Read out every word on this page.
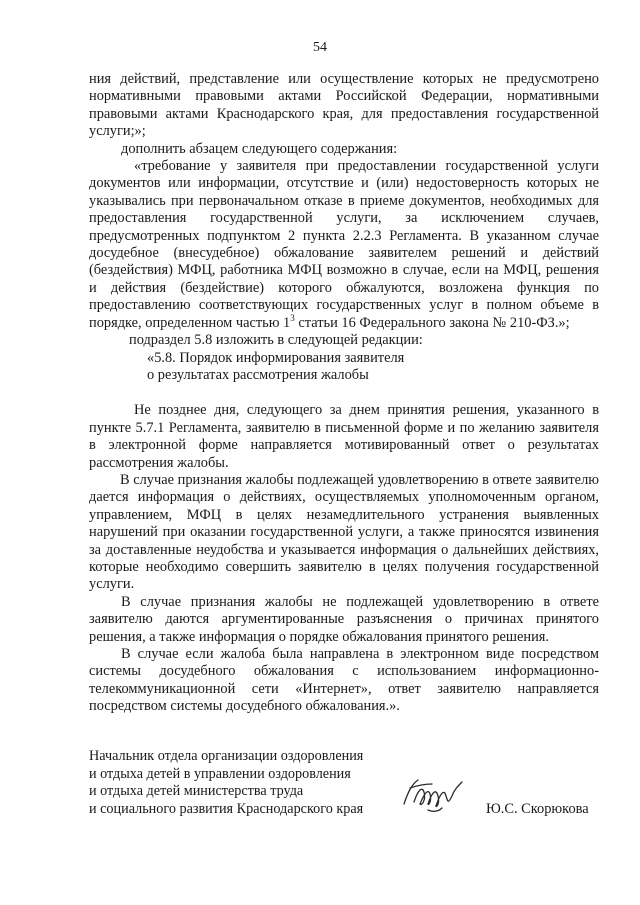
54

ния действий, представление или осуществление которых не предусмотрено нормативными правовыми актами Российской Федерации, нормативными правовыми актами Краснодарского края, для предоставления государственной услуги;»;

дополнить абзацем следующего содержания:

«требование у заявителя при предоставлении государственной услуги документов или информации, отсутствие и (или) недостоверность которых не указывались при первоначальном отказе в приеме документов, необходимых для предоставления государственной услуги, за исключением случаев, предусмотренных подпунктом 2 пункта 2.2.3 Регламента. В указанном случае досудебное (внесудебное) обжалование заявителем решений и действий (бездействия) МФЦ, работника МФЦ возможно в случае, если на МФЦ, решения и действия (бездействие) которого обжалуются, возложена функция по предоставлению соответствующих государственных услуг в полном объеме в порядке, определенном частью $1^3$ статьи 16 Федерального закона № 210-ФЗ.»;

подраздел 5.8 изложить в следующей редакции:

«5.8. Порядок информирования заявителя

о результатах рассмотрения жалобы

Не позднее дня, следующего за днем принятия решения, указанного в пункте 5.7.1 Регламента, заявителю в письменной форме и по желанию заявителя в электронной форме направляется мотивированный ответ о результатах рассмотрения жалобы.

В случае признания жалобы подлежащей удовлетворению в ответе заявителю дается информация о действиях, осуществляемых уполномоченным органом, управлением, МФЦ в целях незамедлительного устранения выявленных нарушений при оказании государственной услуги, а также приносятся извинения за доставленные неудобства и указывается информация о дальнейших действиях, которые необходимо совершить заявителю в целях получения государственной услуги.

В случае признания жалобы не подлежащей удовлетворению в ответе заявителю даются аргументированные разъяснения о причинах принятого решения, а также информация о порядке обжалования принятого решения.

В случае если жалоба была направлена в электронном виде посредством системы досудебного обжалования с использованием информационно-телекоммуникационной сети «Интернет», ответ заявителю направляется посредством системы досудебного обжалования.».

Начальник отдела организации оздоровления
и отдыха детей в управлении оздоровления
и отдыха детей министерства труда
и социального развития Краснодарского края	Ю.С. Скорюкова
